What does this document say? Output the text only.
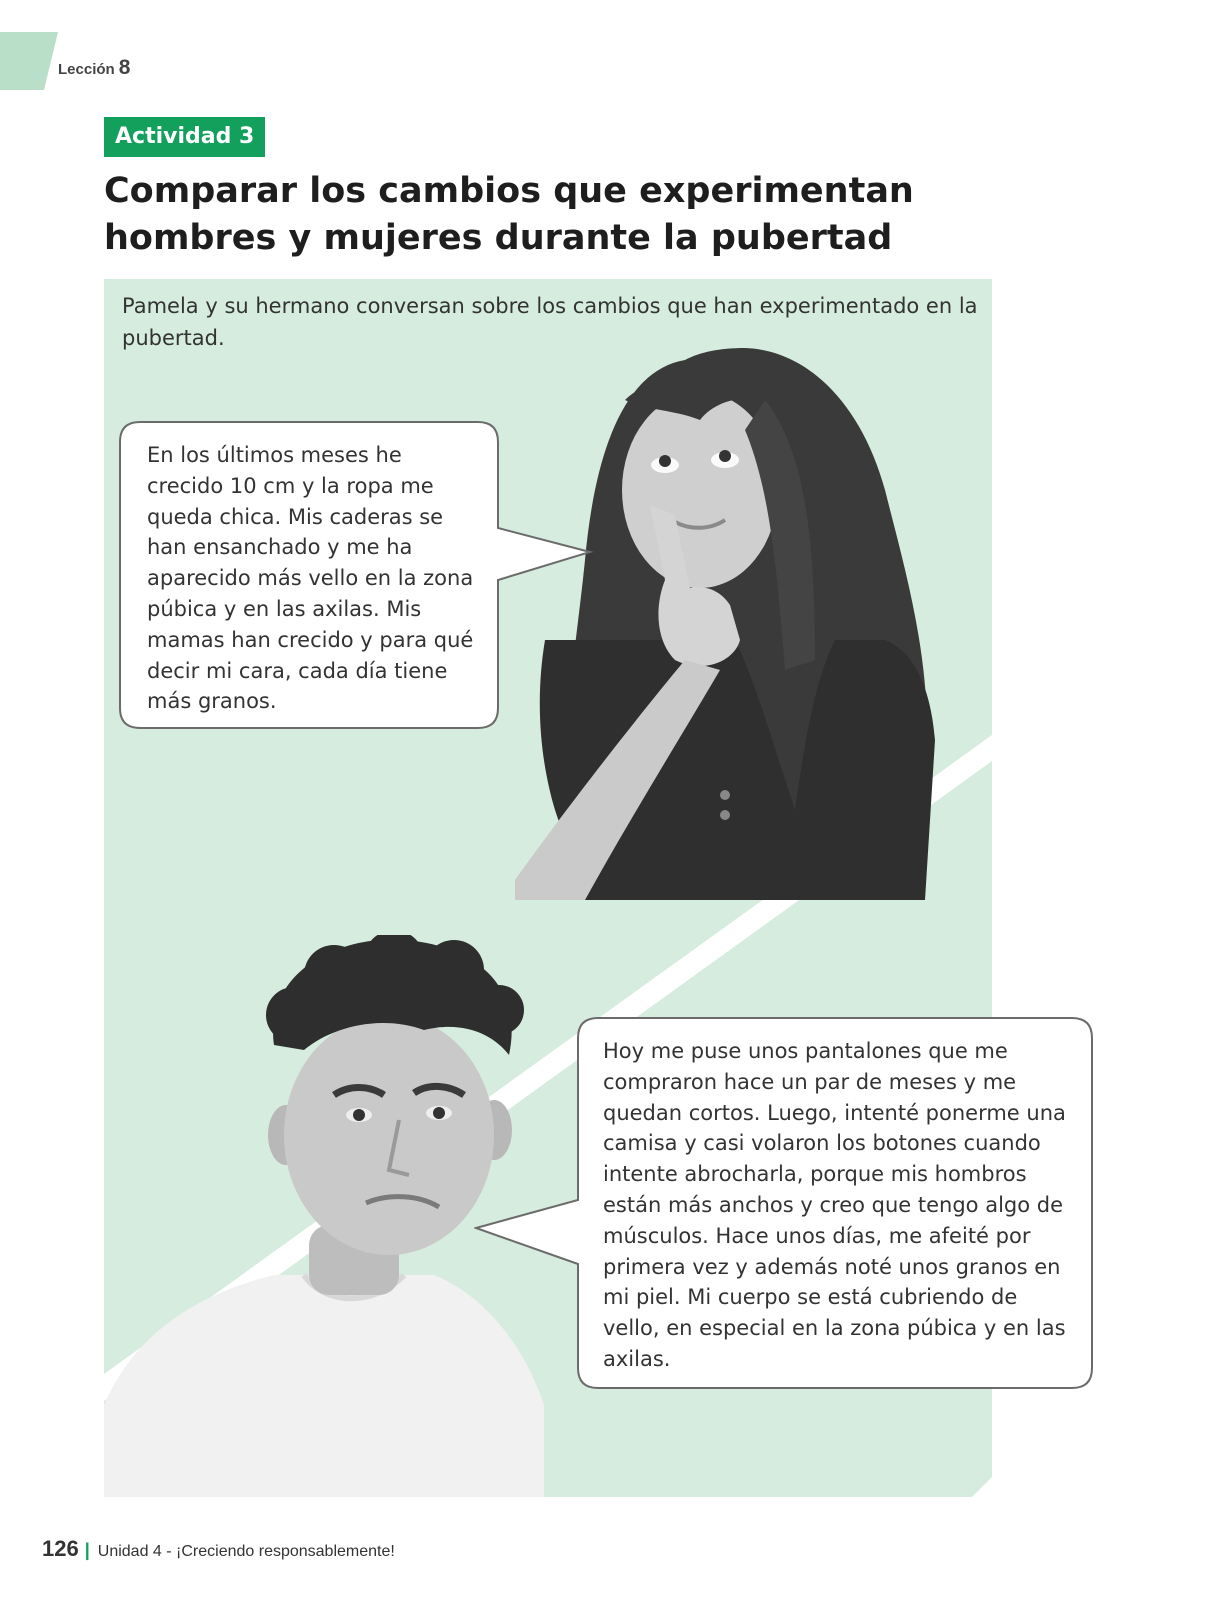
Lección 8
Actividad 3
Comparar los cambios que experimentan hombres y mujeres durante la pubertad

Pamela y su hermano conversan sobre los cambios que han experimentado en la pubertad.

En los últimos meses he crecido 10 cm y la ropa me queda chica. Mis caderas se han ensanchado y me ha aparecido más vello en la zona púbica y en las axilas. Mis mamas han crecido y para qué decir mi cara, cada día tiene más granos.

Hoy me puse unos pantalones que me compraron hace un par de meses y me quedan cortos. Luego, intenté ponerme una camisa y casi volaron los botones cuando intente abrocharla, porque mis hombros están más anchos y creo que tengo algo de músculos. Hace unos días, me afeité por primera vez y además noté unos granos en mi piel. Mi cuerpo se está cubriendo de vello, en especial en la zona púbica y en las axilas.

126 | Unidad 4 - ¡Creciendo responsablemente!
